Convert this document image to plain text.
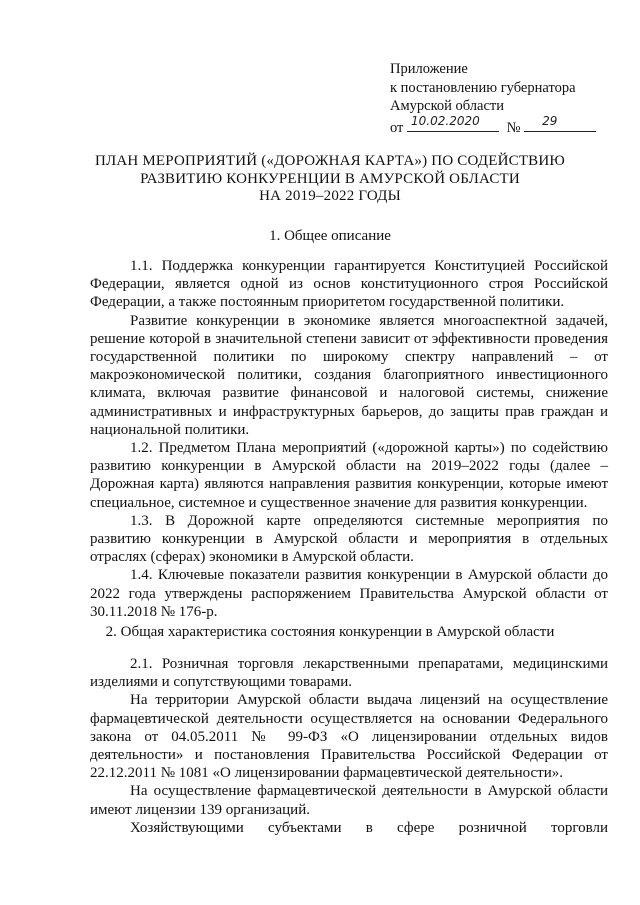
Приложение
к постановлению губернатора
Амурской области
от 10.02.2020 № 29
ПЛАН МЕРОПРИЯТИЙ («ДОРОЖНАЯ КАРТА») ПО СОДЕЙСТВИЮ
РАЗВИТИЮ КОНКУРЕНЦИИ В АМУРСКОЙ ОБЛАСТИ
НА 2019–2022 ГОДЫ
1. Общее описание

1.1. Поддержка конкуренции гарантируется Конституцией Российской Федерации, является одной из основ конституционного строя Российской Федерации, а также постоянным приоритетом государственной политики.

Развитие конкуренции в экономике является многоаспектной задачей, решение которой в значительной степени зависит от эффективности проведения государственной политики по широкому спектру направлений – от макроэкономической политики, создания благоприятного инвестиционного климата, включая развитие финансовой и налоговой системы, снижение административных и инфраструктурных барьеров, до защиты прав граждан и национальной политики.

1.2. Предметом Плана мероприятий («дорожной карты») по содействию развитию конкуренции в Амурской области на 2019–2022 годы (далее – Дорожная карта) являются направления развития конкуренции, которые имеют специальное, системное и существенное значение для развития конкуренции.

1.3. В Дорожной карте определяются системные мероприятия по развитию конкуренции в Амурской области и мероприятия в отдельных отраслях (сферах) экономики в Амурской области.

1.4. Ключевые показатели развития конкуренции в Амурской области до 2022 года утверждены распоряжением Правительства Амурской области от 30.11.2018 № 176-р.

2. Общая характеристика состояния конкуренции в Амурской области

2.1. Розничная торговля лекарственными препаратами, медицинскими изделиями и сопутствующими товарами.

На территории Амурской области выдача лицензий на осуществление фармацевтической деятельности осуществляется на основании Федерального закона от 04.05.2011 № 99-ФЗ «О лицензировании отдельных видов деятельности» и постановления Правительства Российской Федерации от 22.12.2011 № 1081 «О лицензировании фармацевтической деятельности».

На осуществление фармацевтической деятельности в Амурской области имеют лицензии 139 организаций.

Хозяйствующими субъектами в сфере розничной торговли
